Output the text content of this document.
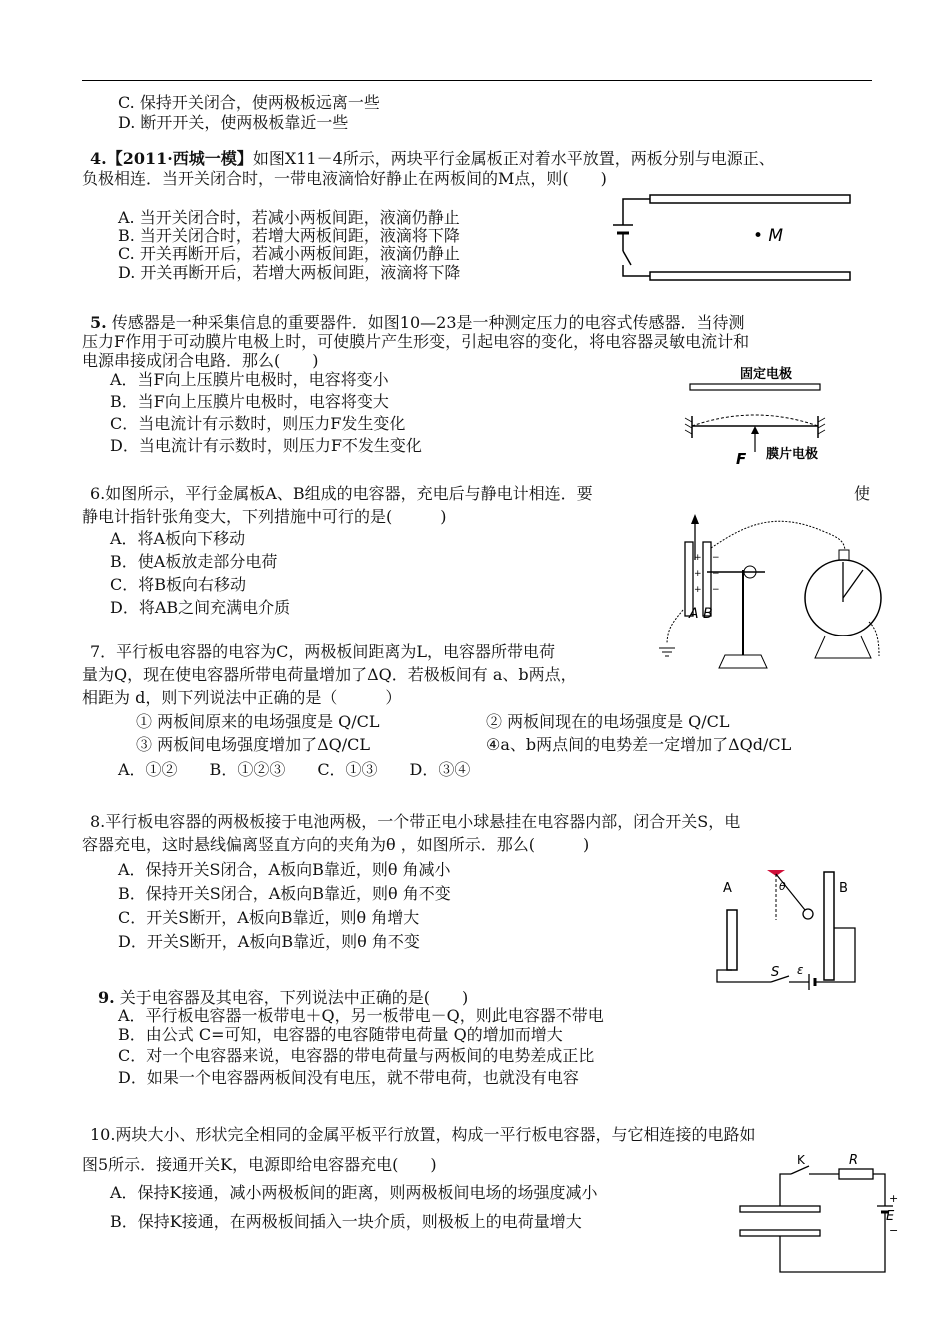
C. 保持开关闭合，使两极板远离一些
D. 断开开关，使两极板靠近一些
4.【2011·西城一模】如图X11－4所示，两块平行金属板正对着水平放置，两板分别与电源正、
负极相连．当开关闭合时，一带电液滴恰好静止在两板间的M点，则(　　)
A. 当开关闭合时，若减小两板间距，液滴仍静止
B. 当开关闭合时，若增大两板间距，液滴将下降
C. 开关再断开后，若减小两板间距，液滴仍静止
D. 开关再断开后，若增大两板间距，液滴将下降
• M
5. 传感器是一种采集信息的重要器件．如图10—23是一种测定压力的电容式传感器．当待测
压力F作用于可动膜片电极上时，可使膜片产生形变，引起电容的变化，将电容器灵敏电流计和
电源串接成闭合电路．那么(　　)
A．当F向上压膜片电极时，电容将变小
B．当F向上压膜片电极时，电容将变大
C．当电流计有示数时，则压力F发生变化
D．当电流计有示数时，则压力F不发生变化
固定电极
F 膜片电极
6.如图所示，平行金属板A、B组成的电容器，充电后与静电计相连．要	使
静电计指针张角变大，下列措施中可行的是(　　　)
A．将A板向下移动
B．使A板放走部分电荷
C．将B板向右移动
D．将AB之间充满电介质
+
+
+
−
−
−
A B
7．平行板电容器的电容为C，两极板间距离为L，电容器所带电荷
量为Q，现在使电容器所带电荷量增加了ΔQ．若极板间有 a、b两点，
相距为 d，则下列说法中正确的是（　　　）
① 两板间原来的电场强度是 Q/CL	② 两板间现在的电场强度是 Q/CL
③ 两板间电场强度增加了ΔQ/CL	④a、b两点间的电势差一定增加了ΔQd/CL
A．①②　　B．①②③　　C．①③　　D．③④
8.平行板电容器的两极板接于电池两极，一个带正电小球悬挂在电容器内部，闭合开关S，电
容器充电，这时悬线偏离竖直方向的夹角为θ ，如图所示．那么(　　　)
A．保持开关S闭合，A板向B靠近，则θ 角减小
B．保持开关S闭合，A板向B靠近，则θ 角不变
C．开关S断开，A板向B靠近，则θ 角增大
D．开关S断开，A板向B靠近，则θ 角不变
A	B
θ
S ε
9. 关于电容器及其电容，下列说法中正确的是(　　)
A．平行板电容器一板带电＋Q，另一板带电－Q，则此电容器不带电
B．由公式 C=可知，电容器的电容随带电荷量 Q的增加而增大
C．对一个电容器来说，电容器的带电荷量与两板间的电势差成正比
D．如果一个电容器两板间没有电压，就不带电荷，也就没有电容
10.两块大小、形状完全相同的金属平板平行放置，构成一平行板电容器，与它相连接的电路如
图5所示．接通开关K，电源即给电容器充电(　　)
A．保持K接通，减小两极板间的距离，则两极板间电场的场强度减小
B．保持K接通，在两极板间插入一块介质，则极板上的电荷量增大
K	R
+
E
−
